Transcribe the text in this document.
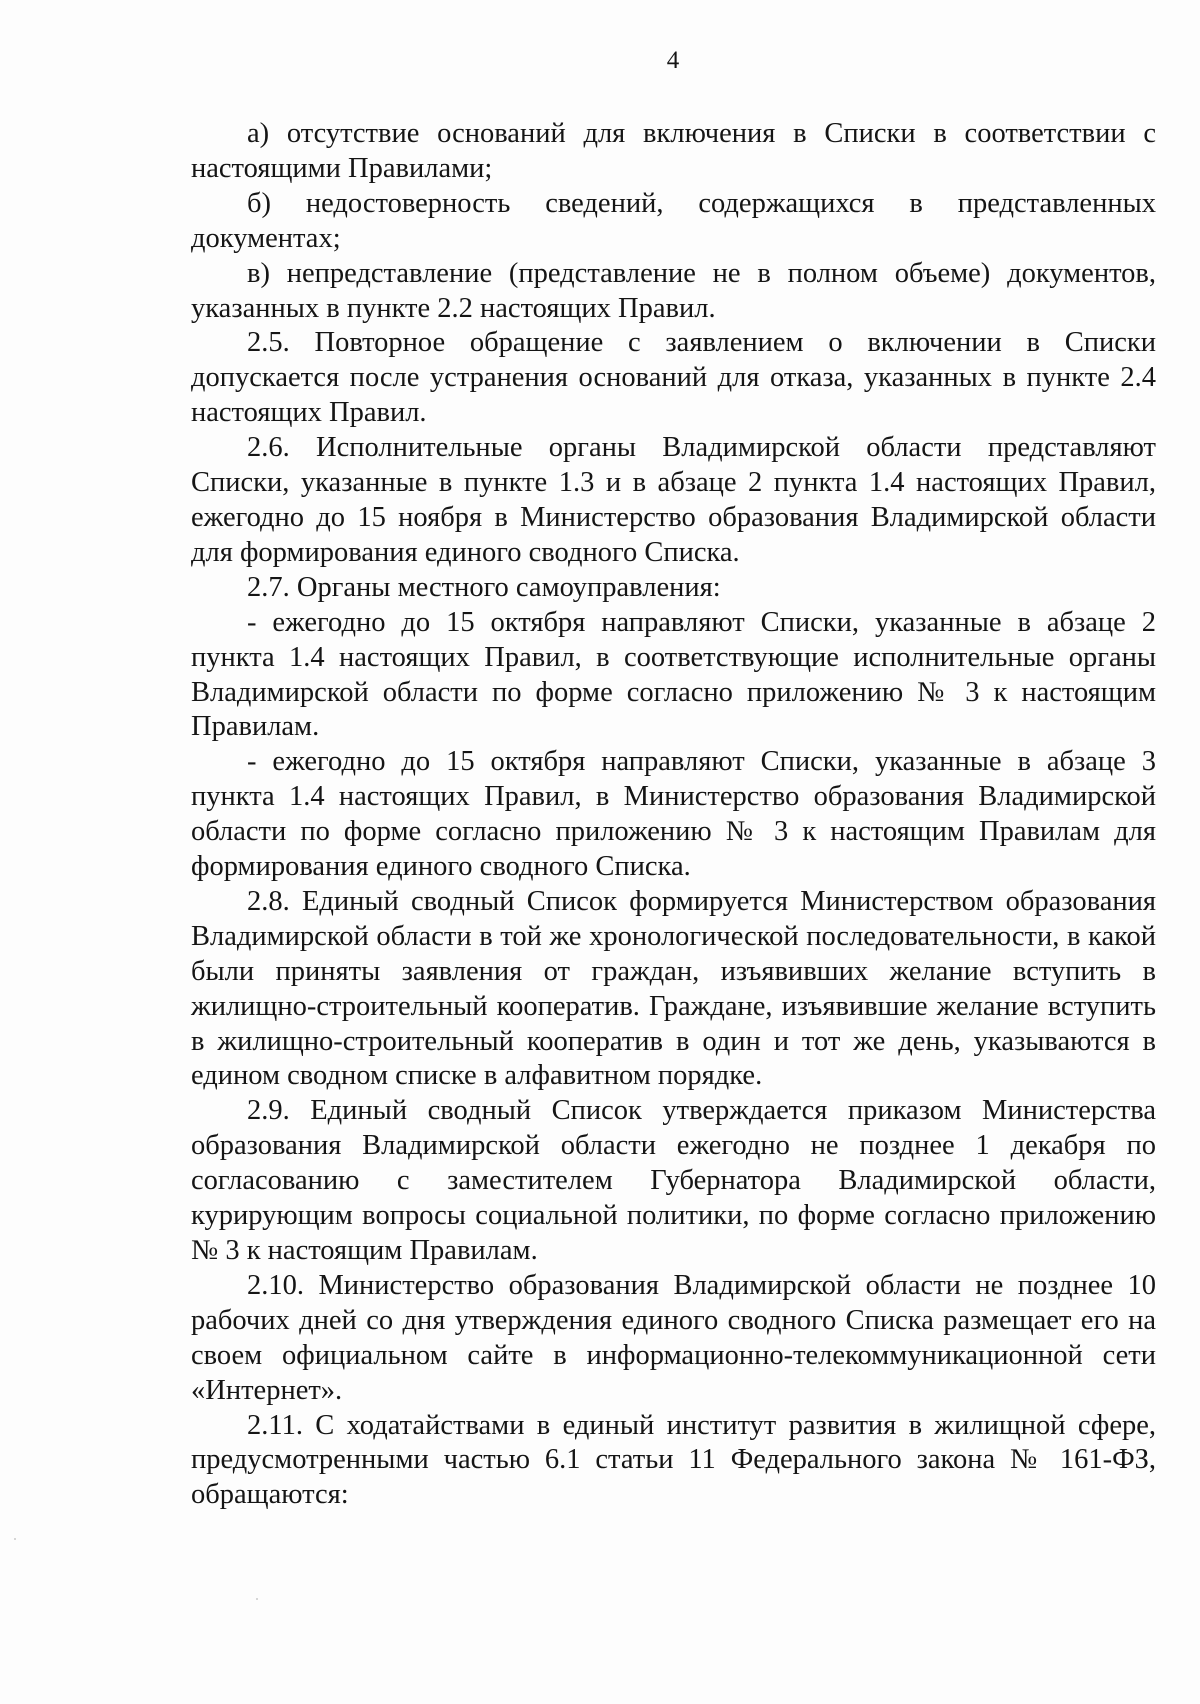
4

а) отсутствие оснований для включения в Списки в соответствии с настоящими Правилами;

б) недостоверность сведений, содержащихся в представленных документах;

в) непредставление (представление не в полном объеме) документов, указанных в пункте 2.2 настоящих Правил.

2.5. Повторное обращение с заявлением о включении в Списки допускается после устранения оснований для отказа, указанных в пункте 2.4 настоящих Правил.

2.6. Исполнительные органы Владимирской области представляют Списки, указанные в пункте 1.3 и в абзаце 2 пункта 1.4 настоящих Правил, ежегодно до 15 ноября в Министерство образования Владимирской области для формирования единого сводного Списка.

2.7. Органы местного самоуправления:

- ежегодно до 15 октября направляют Списки, указанные в абзаце 2 пункта 1.4 настоящих Правил, в соответствующие исполнительные органы Владимирской области по форме согласно приложению № 3 к настоящим Правилам.

- ежегодно до 15 октября направляют Списки, указанные в абзаце 3 пункта 1.4 настоящих Правил, в Министерство образования Владимирской области по форме согласно приложению № 3 к настоящим Правилам для формирования единого сводного Списка.

2.8. Единый сводный Список формируется Министерством образования Владимирской области в той же хронологической последовательности, в какой были приняты заявления от граждан, изъявивших желание вступить в жилищно-строительный кооператив. Граждане, изъявившие желание вступить в жилищно-строительный кооператив в один и тот же день, указываются в едином сводном списке в алфавитном порядке.

2.9. Единый сводный Список утверждается приказом Министерства образования Владимирской области ежегодно не позднее 1 декабря по согласованию с заместителем Губернатора Владимирской области, курирующим вопросы социальной политики, по форме согласно приложению № 3 к настоящим Правилам.

2.10. Министерство образования Владимирской области не позднее 10 рабочих дней со дня утверждения единого сводного Списка размещает его на своем официальном сайте в информационно-телекоммуникационной сети «Интернет».

2.11. С ходатайствами в единый институт развития в жилищной сфере, предусмотренными частью 6.1 статьи 11 Федерального закона № 161-ФЗ, обращаются:
